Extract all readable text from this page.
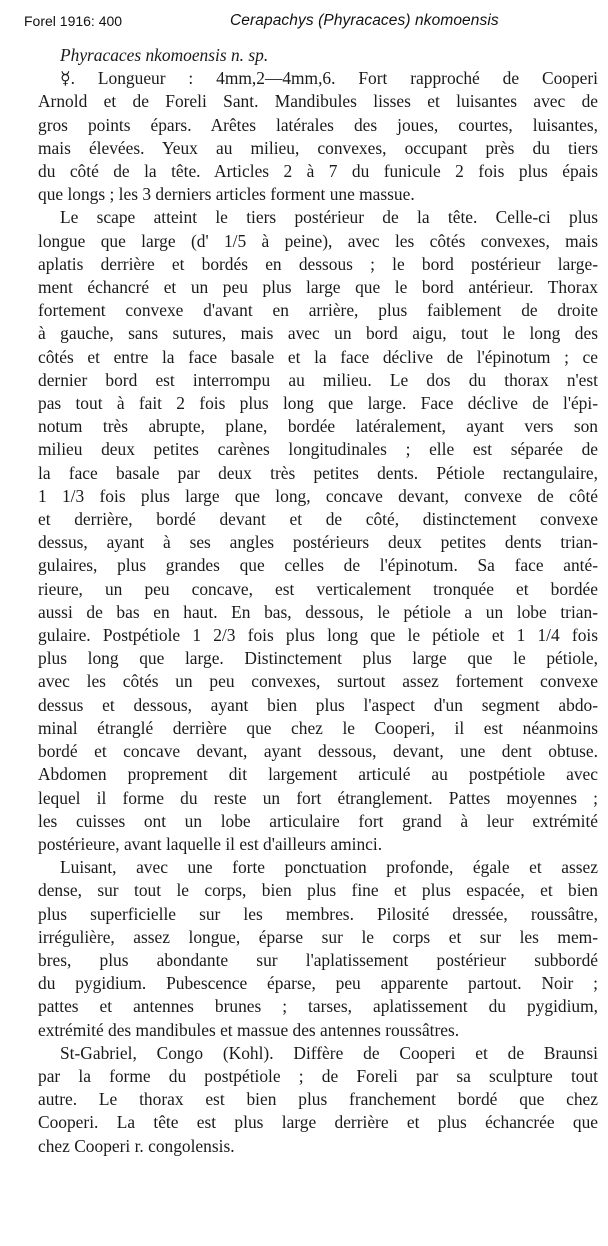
Forel 1916: 400	Cerapachys (Phyracaces) nkomoensis

Phyracaces nkomoensis n. sp.

☿. Longueur : 4mm,2—4mm,6. Fort rapproché de Cooperi
Arnold et de Foreli Sant. Mandibules lisses et luisantes avec de
gros points épars. Arêtes latérales des joues, courtes, luisantes,
mais élevées. Yeux au milieu, convexes, occupant près du tiers
du côté de la tête. Articles 2 à 7 du funicule 2 fois plus épais
que longs ; les 3 derniers articles forment une massue.

Le scape atteint le tiers postérieur de la tête. Celle-ci plus
longue que large (d' 1/5 à peine), avec les côtés convexes, mais
aplatis derrière et bordés en dessous ; le bord postérieur large-
ment échancré et un peu plus large que le bord antérieur. Thorax
fortement convexe d'avant en arrière, plus faiblement de droite
à gauche, sans sutures, mais avec un bord aigu, tout le long des
côtés et entre la face basale et la face déclive de l'épinotum ; ce
dernier bord est interrompu au milieu. Le dos du thorax n'est
pas tout à fait 2 fois plus long que large. Face déclive de l'épi-
notum très abrupte, plane, bordée latéralement, ayant vers son
milieu deux petites carènes longitudinales ; elle est séparée de
la face basale par deux très petites dents. Pétiole rectangulaire,
1 1/3 fois plus large que long, concave devant, convexe de côté
et derrière, bordé devant et de côté, distinctement convexe
dessus, ayant à ses angles postérieurs deux petites dents trian-
gulaires, plus grandes que celles de l'épinotum. Sa face anté-
rieure, un peu concave, est verticalement tronquée et bordée
aussi de bas en haut. En bas, dessous, le pétiole a un lobe trian-
gulaire. Postpétiole 1 2/3 fois plus long que le pétiole et 1 1/4 fois
plus long que large. Distinctement plus large que le pétiole,
avec les côtés un peu convexes, surtout assez fortement convexe
dessus et dessous, ayant bien plus l'aspect d'un segment abdo-
minal étranglé derrière que chez le Cooperi, il est néanmoins
bordé et concave devant, ayant dessous, devant, une dent obtuse.
Abdomen proprement dit largement articulé au postpétiole avec
lequel il forme du reste un fort étranglement. Pattes moyennes ;
les cuisses ont un lobe articulaire fort grand à leur extrémité
postérieure, avant laquelle il est d'ailleurs aminci.

Luisant, avec une forte ponctuation profonde, égale et assez
dense, sur tout le corps, bien plus fine et plus espacée, et bien
plus superficielle sur les membres. Pilosité dressée, roussâtre,
irrégulière, assez longue, éparse sur le corps et sur les mem-
bres, plus abondante sur l'aplatissement postérieur subbordé
du pygidium. Pubescence éparse, peu apparente partout. Noir ;
pattes et antennes brunes ; tarses, aplatissement du pygidium,
extrémité des mandibules et massue des antennes roussâtres.

St-Gabriel, Congo (Kohl). Diffère de Cooperi et de Braunsi
par la forme du postpétiole ; de Foreli par sa sculpture tout
autre. Le thorax est bien plus franchement bordé que chez
Cooperi. La tête est plus large derrière et plus échancrée que
chez Cooperi r. congolensis.
